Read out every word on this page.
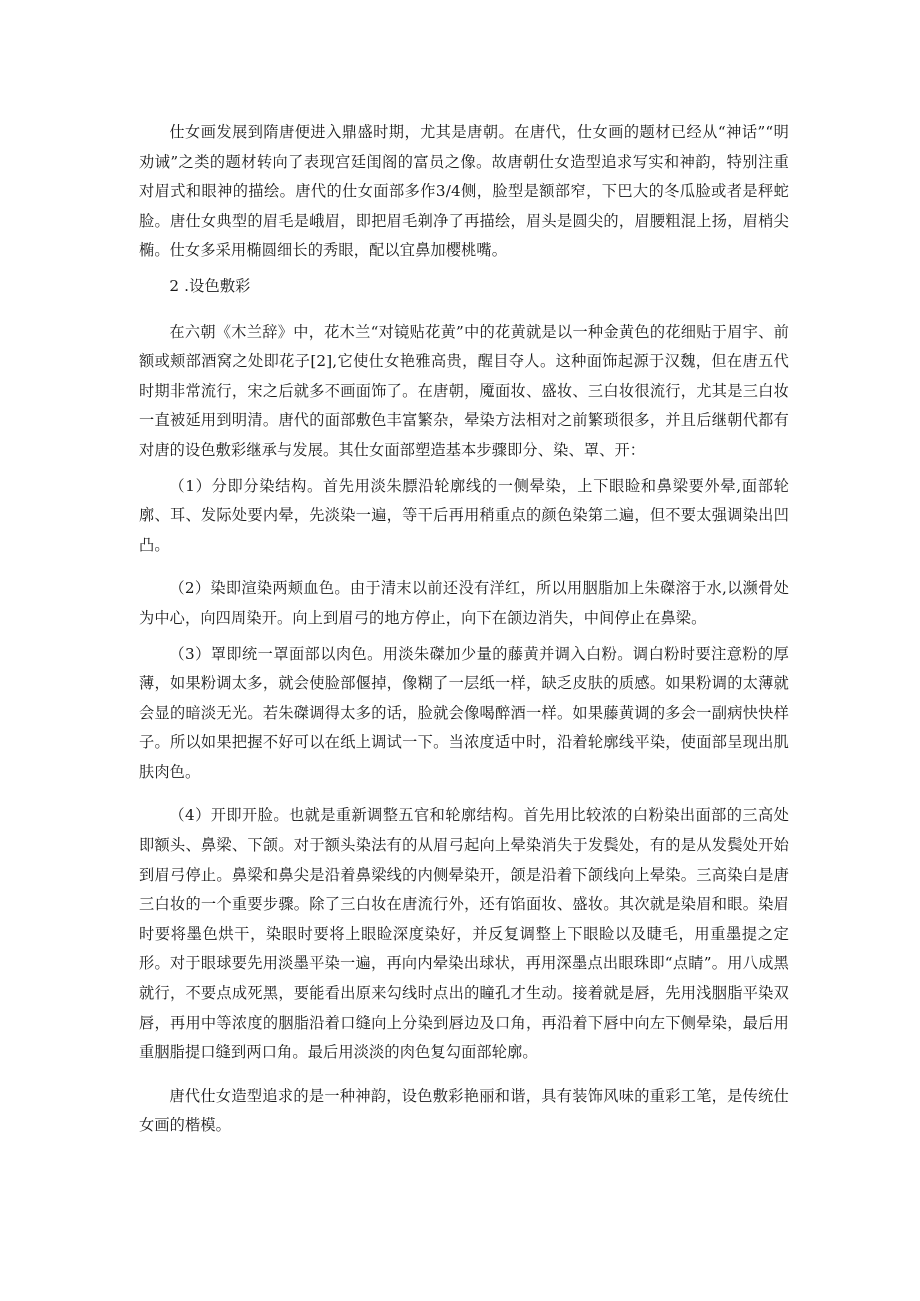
仕女画发展到隋唐便进入鼎盛时期，尤其是唐朝。在唐代，仕女画的题材已经从“神话”“明劝诫”之类的题材转向了表现宫廷闺阁的富员之像。故唐朝仕女造型追求写实和神韵，特别注重对眉式和眼神的描绘。唐代的仕女面部多作3/4侧，脸型是额部窄，下巴大的冬瓜脸或者是秤蛇脸。唐仕女典型的眉毛是峨眉，即把眉毛剃净了再描绘，眉头是圆尖的，眉腰粗混上扬，眉梢尖椭。仕女多采用椭圆细长的秀眼，配以宜鼻加樱桃嘴。

2 .设色敷彩

在六朝《木兰辞》中，花木兰“对镜贴花黄”中的花黄就是以一种金黄色的花细贴于眉宇、前额或颊部酒窝之处即花子[2],它使仕女艳雅高贵，醒目夺人。这种面饰起源于汉魏，但在唐五代时期非常流行，宋之后就多不画面饰了。在唐朝，魇面妆、盛妆、三白妆很流行，尤其是三白妆一直被延用到明清。唐代的面部敷色丰富繁杂，晕染方法相对之前繁琐很多，并且后继朝代都有对唐的设色敷彩继承与发展。其仕女面部塑造基本步骤即分、染、罩、开：

（1）分即分染结构。首先用淡朱膘沿轮廓线的一侧晕染，上下眼睑和鼻梁要外晕,面部轮廓、耳、发际处要内晕，先淡染一遍，等干后再用稍重点的颜色染第二遍，但不要太强调染出凹凸。

（2）染即渲染两颊血色。由于清末以前还没有洋红，所以用胭脂加上朱磔溶于水,以濒骨处为中心，向四周染开。向上到眉弓的地方停止，向下在颌边消失，中间停止在鼻梁。

（3）罩即统一罩面部以肉色。用淡朱磔加少量的藤黄并调入白粉。调白粉时要注意粉的厚薄，如果粉调太多，就会使脸部偃掉，像糊了一层纸一样，缺乏皮肤的质感。如果粉调的太薄就会显的暗淡无光。若朱磔调得太多的话，脸就会像喝醉酒一样。如果藤黄调的多会一副病快快样子。所以如果把握不好可以在纸上调试一下。当浓度适中时，沿着轮廓线平染，使面部呈现出肌肤肉色。

（4）开即开脸。也就是重新调整五官和轮廓结构。首先用比较浓的白粉染出面部的三高处即额头、鼻梁、下颌。对于额头染法有的从眉弓起向上晕染消失于发鬓处，有的是从发鬓处开始到眉弓停止。鼻梁和鼻尖是沿着鼻梁线的内侧晕染开，颌是沿着下颌线向上晕染。三高染白是唐三白妆的一个重要步骤。除了三白妆在唐流行外，还有馅面妆、盛妆。其次就是染眉和眼。染眉时要将墨色烘干，染眼时要将上眼睑深度染好，并反复调整上下眼睑以及睫毛，用重墨提之定形。对于眼球要先用淡墨平染一遍，再向内晕染出球状，再用深墨点出眼珠即“点睛”。用八成黑就行，不要点成死黑，要能看出原来勾线时点出的瞳孔才生动。接着就是唇，先用浅胭脂平染双唇，再用中等浓度的胭脂沿着口缝向上分染到唇边及口角，再沿着下唇中向左下侧晕染，最后用重胭脂提口缝到两口角。最后用淡淡的肉色复勾面部轮廓。

唐代仕女造型追求的是一种神韵，设色敷彩艳丽和谐，具有装饰风味的重彩工笔，是传统仕女画的楷模。
